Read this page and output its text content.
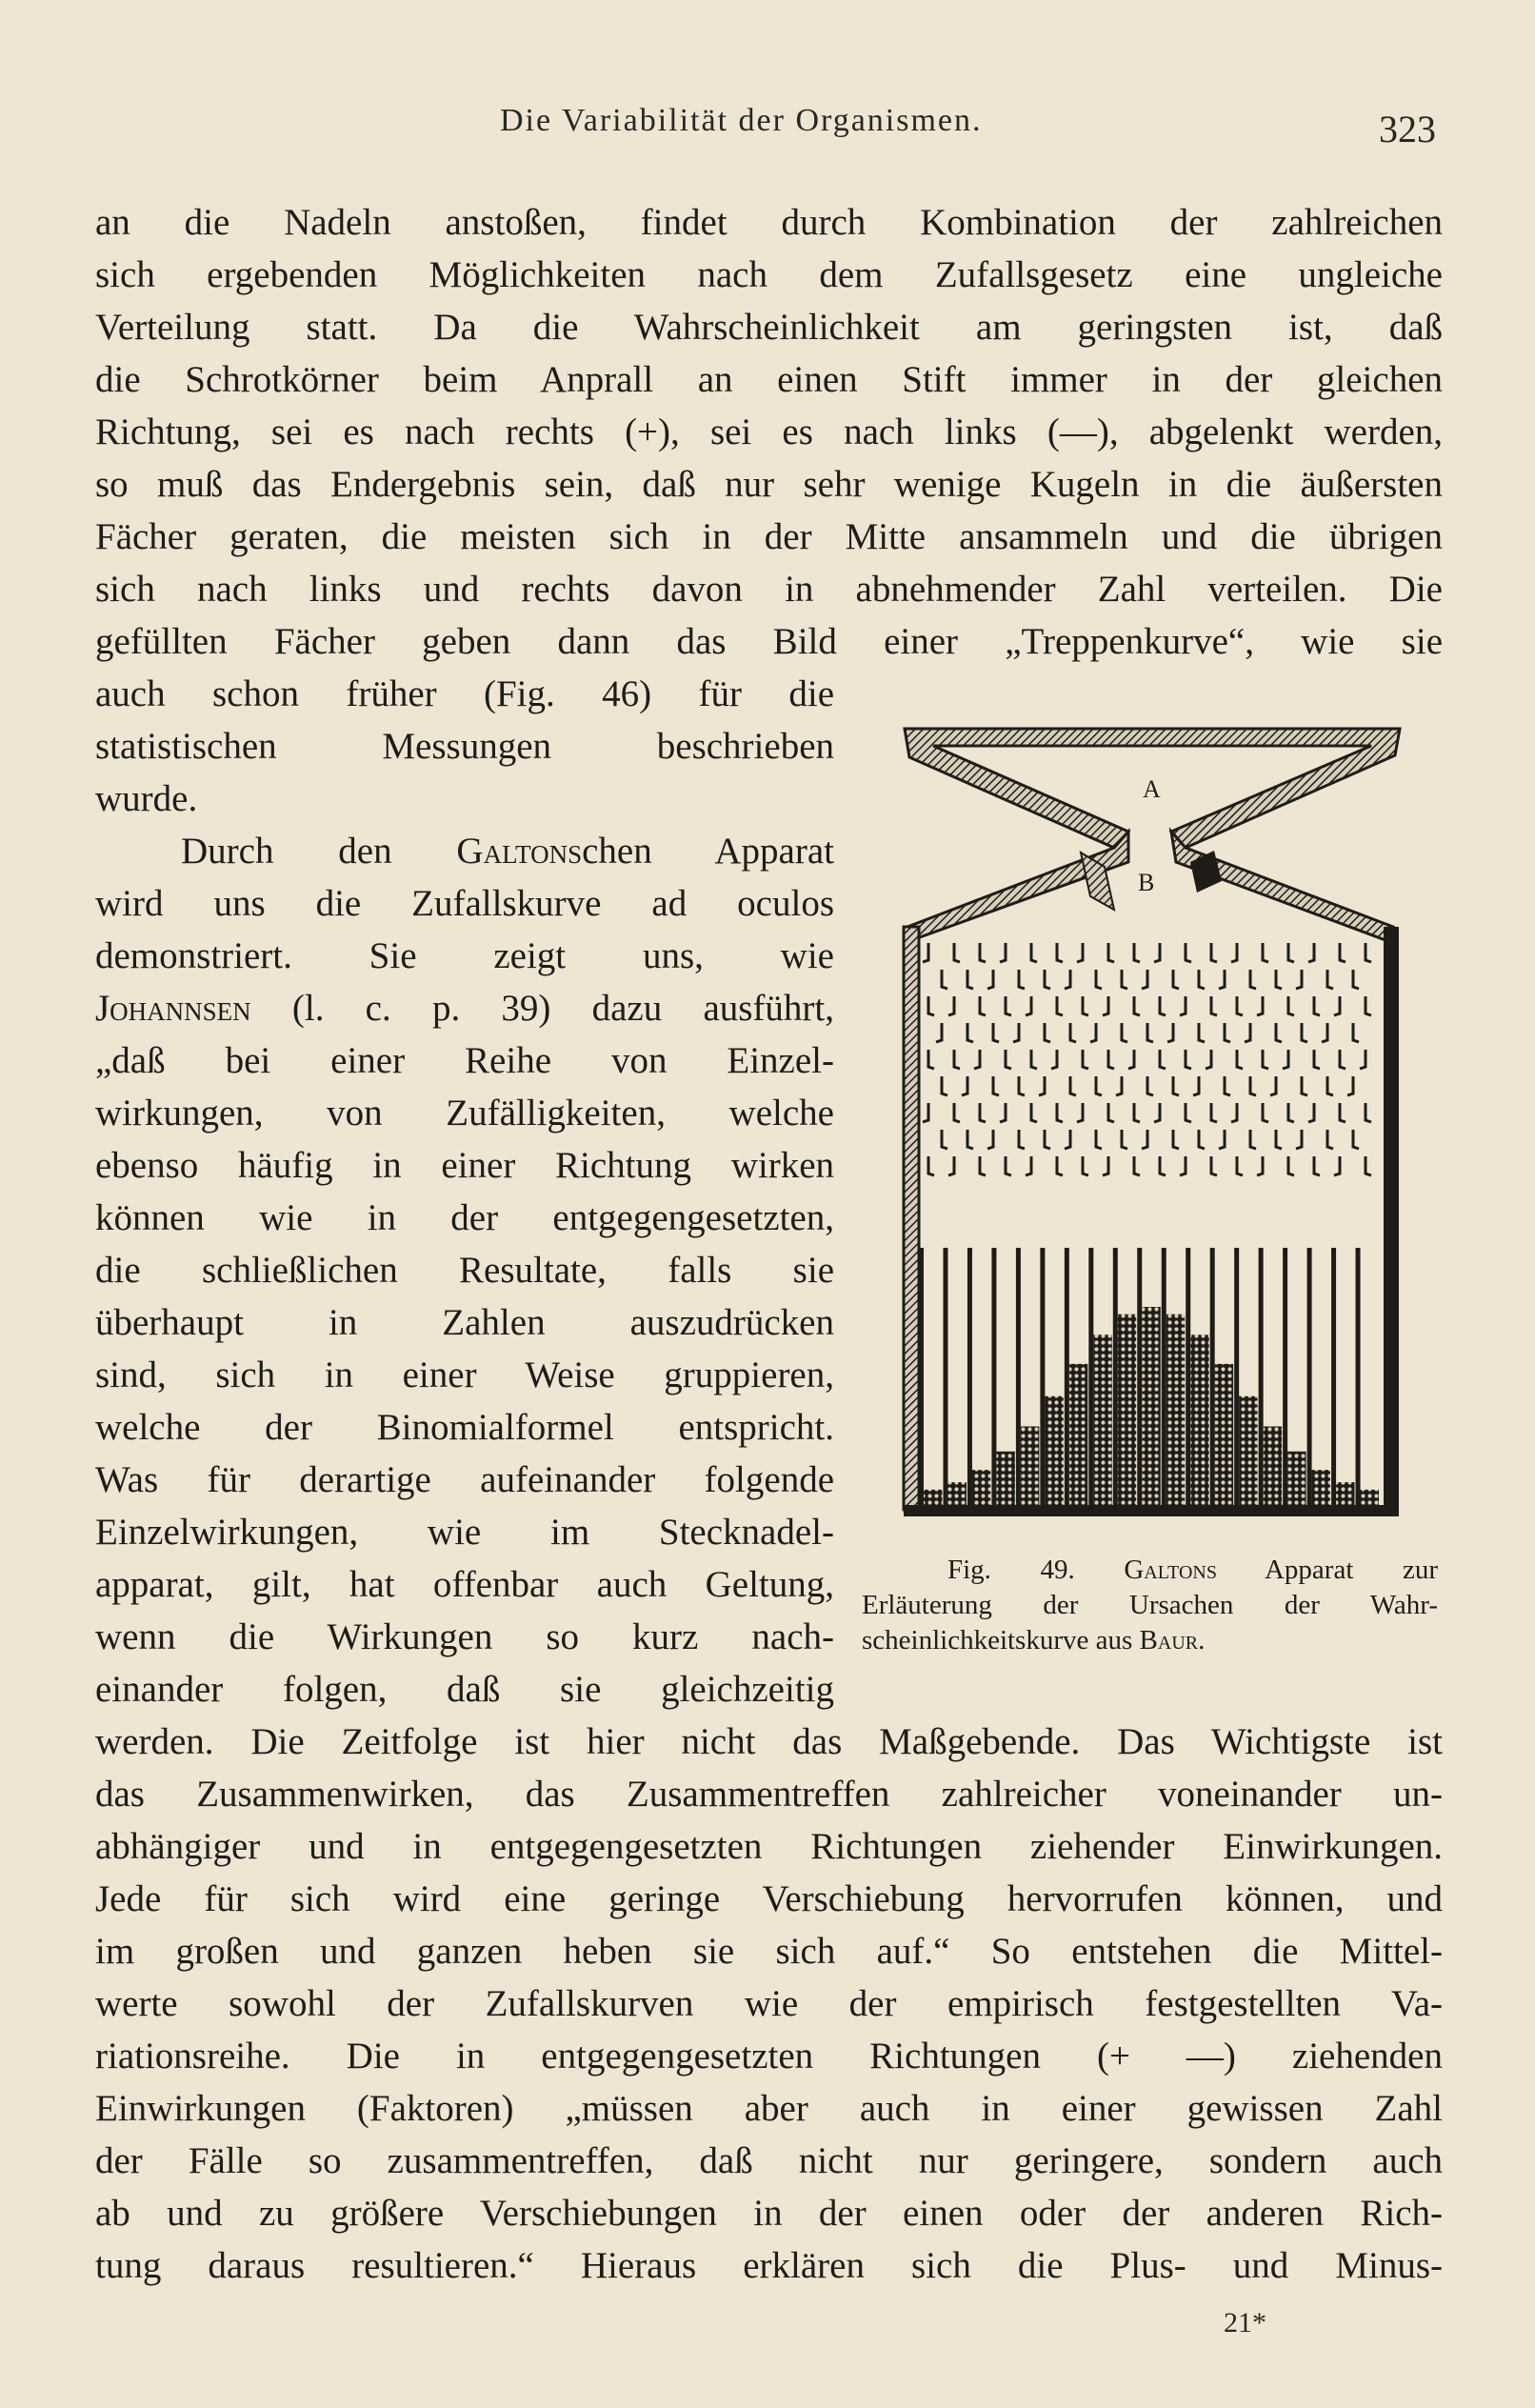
Die Variabilität der Organismen.	323
an die Nadeln anstoßen, findet durch Kombination der zahlreichen
sich ergebenden Möglichkeiten nach dem Zufallsgesetz eine ungleiche
Verteilung statt. Da die Wahrscheinlichkeit am geringsten ist, daß
die Schrotkörner beim Anprall an einen Stift immer in der gleichen
Richtung, sei es nach rechts (+), sei es nach links (—), abgelenkt werden,
so muß das Endergebnis sein, daß nur sehr wenige Kugeln in die äußersten
Fächer geraten, die meisten sich in der Mitte ansammeln und die übrigen
sich nach links und rechts davon in abnehmender Zahl verteilen. Die
gefüllten Fächer geben dann das Bild einer „Treppenkurve“, wie sie
auch schon früher (Fig. 46) für die
statistischen Messungen beschrieben
wurde.
Durch den Galtonschen Apparat
wird uns die Zufallskurve ad oculos
demonstriert. Sie zeigt uns, wie
Johannsen (l. c. p. 39) dazu ausführt,
„daß bei einer Reihe von Einzel-
wirkungen, von Zufälligkeiten, welche
ebenso häufig in einer Richtung wirken
können wie in der entgegengesetzten,
die schließlichen Resultate, falls sie
überhaupt in Zahlen auszudrücken
sind, sich in einer Weise gruppieren,
welche der Binomialformel entspricht.
Was für derartige aufeinander folgende
Einzelwirkungen, wie im Stecknadel-
apparat, gilt, hat offenbar auch Geltung,
wenn die Wirkungen so kurz nach-
einander folgen, daß sie gleichzeitig
werden. Die Zeitfolge ist hier nicht das Maßgebende. Das Wichtigste ist
das Zusammenwirken, das Zusammentreffen zahlreicher voneinander un-
abhängiger und in entgegengesetzten Richtungen ziehender Einwirkungen.
Jede für sich wird eine geringe Verschiebung hervorrufen können, und
im großen und ganzen heben sie sich auf.“ So entstehen die Mittel-
werte sowohl der Zufallskurven wie der empirisch festgestellten Va-
riationsreihe. Die in entgegengesetzten Richtungen (+ —) ziehenden
Einwirkungen (Faktoren) „müssen aber auch in einer gewissen Zahl
der Fälle so zusammentreffen, daß nicht nur geringere, sondern auch
ab und zu größere Verschiebungen in der einen oder der anderen Rich-
tung daraus resultieren.“ Hieraus erklären sich die Plus- und Minus-
A
B
Fig. 49. Galtons Apparat zur
Erläuterung der Ursachen der Wahr-
scheinlichkeitskurve aus Baur.
21*
